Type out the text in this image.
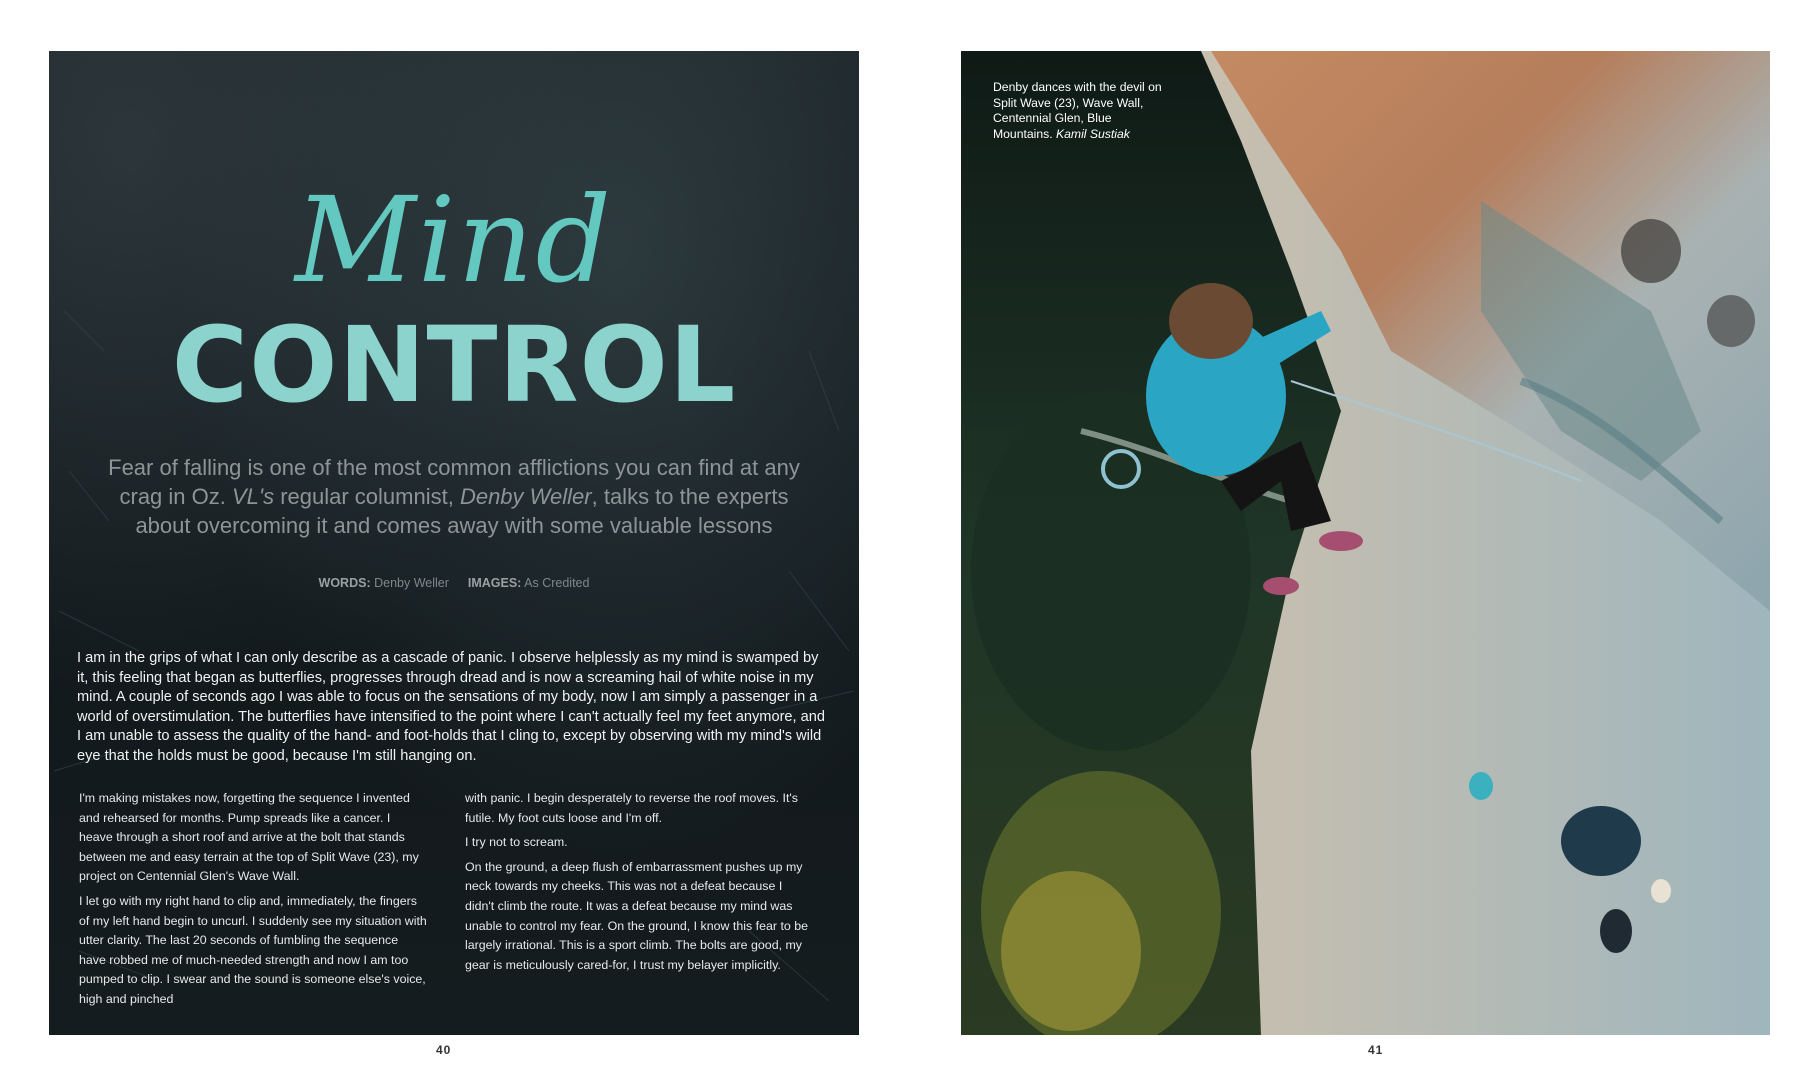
Mind
CONTROL
Fear of falling is one of the most common afflictions you can find at any crag in Oz. VL's regular columnist, Denby Weller, talks to the experts about overcoming it and comes away with some valuable lessons
WORDS: Denby Weller IMAGES: As Credited
I am in the grips of what I can only describe as a cascade of panic. I observe helplessly as my mind is swamped by it, this feeling that began as butterflies, progresses through dread and is now a screaming hail of white noise in my mind. A couple of seconds ago I was able to focus on the sensations of my body, now I am simply a passenger in a world of overstimulation. The butterflies have intensified to the point where I can't actually feel my feet anymore, and I am unable to assess the quality of the hand- and foot-holds that I cling to, except by observing with my mind's wild eye that the holds must be good, because I'm still hanging on.

I'm making mistakes now, forgetting the sequence I invented and rehearsed for months. Pump spreads like a cancer. I heave through a short roof and arrive at the bolt that stands between me and easy terrain at the top of Split Wave (23), my project on Centennial Glen's Wave Wall.

I let go with my right hand to clip and, immediately, the fingers of my left hand begin to uncurl. I suddenly see my situation with utter clarity. The last 20 seconds of fumbling the sequence have robbed me of much-needed strength and now I am too pumped to clip. I swear and the sound is someone else's voice, high and pinched

with panic. I begin desperately to reverse the roof moves. It's futile. My foot cuts loose and I'm off.

I try not to scream.

On the ground, a deep flush of embarrassment pushes up my neck towards my cheeks. This was not a defeat because I didn't climb the route. It was a defeat because my mind was unable to control my fear. On the ground, I know this fear to be largely irrational. This is a sport climb. The bolts are good, my gear is meticulously cared-for, I trust my belayer implicitly.

40
Denby dances with the devil on Split Wave (23), Wave Wall, Centennial Glen, Blue Mountains. Kamil Sustiak
41
